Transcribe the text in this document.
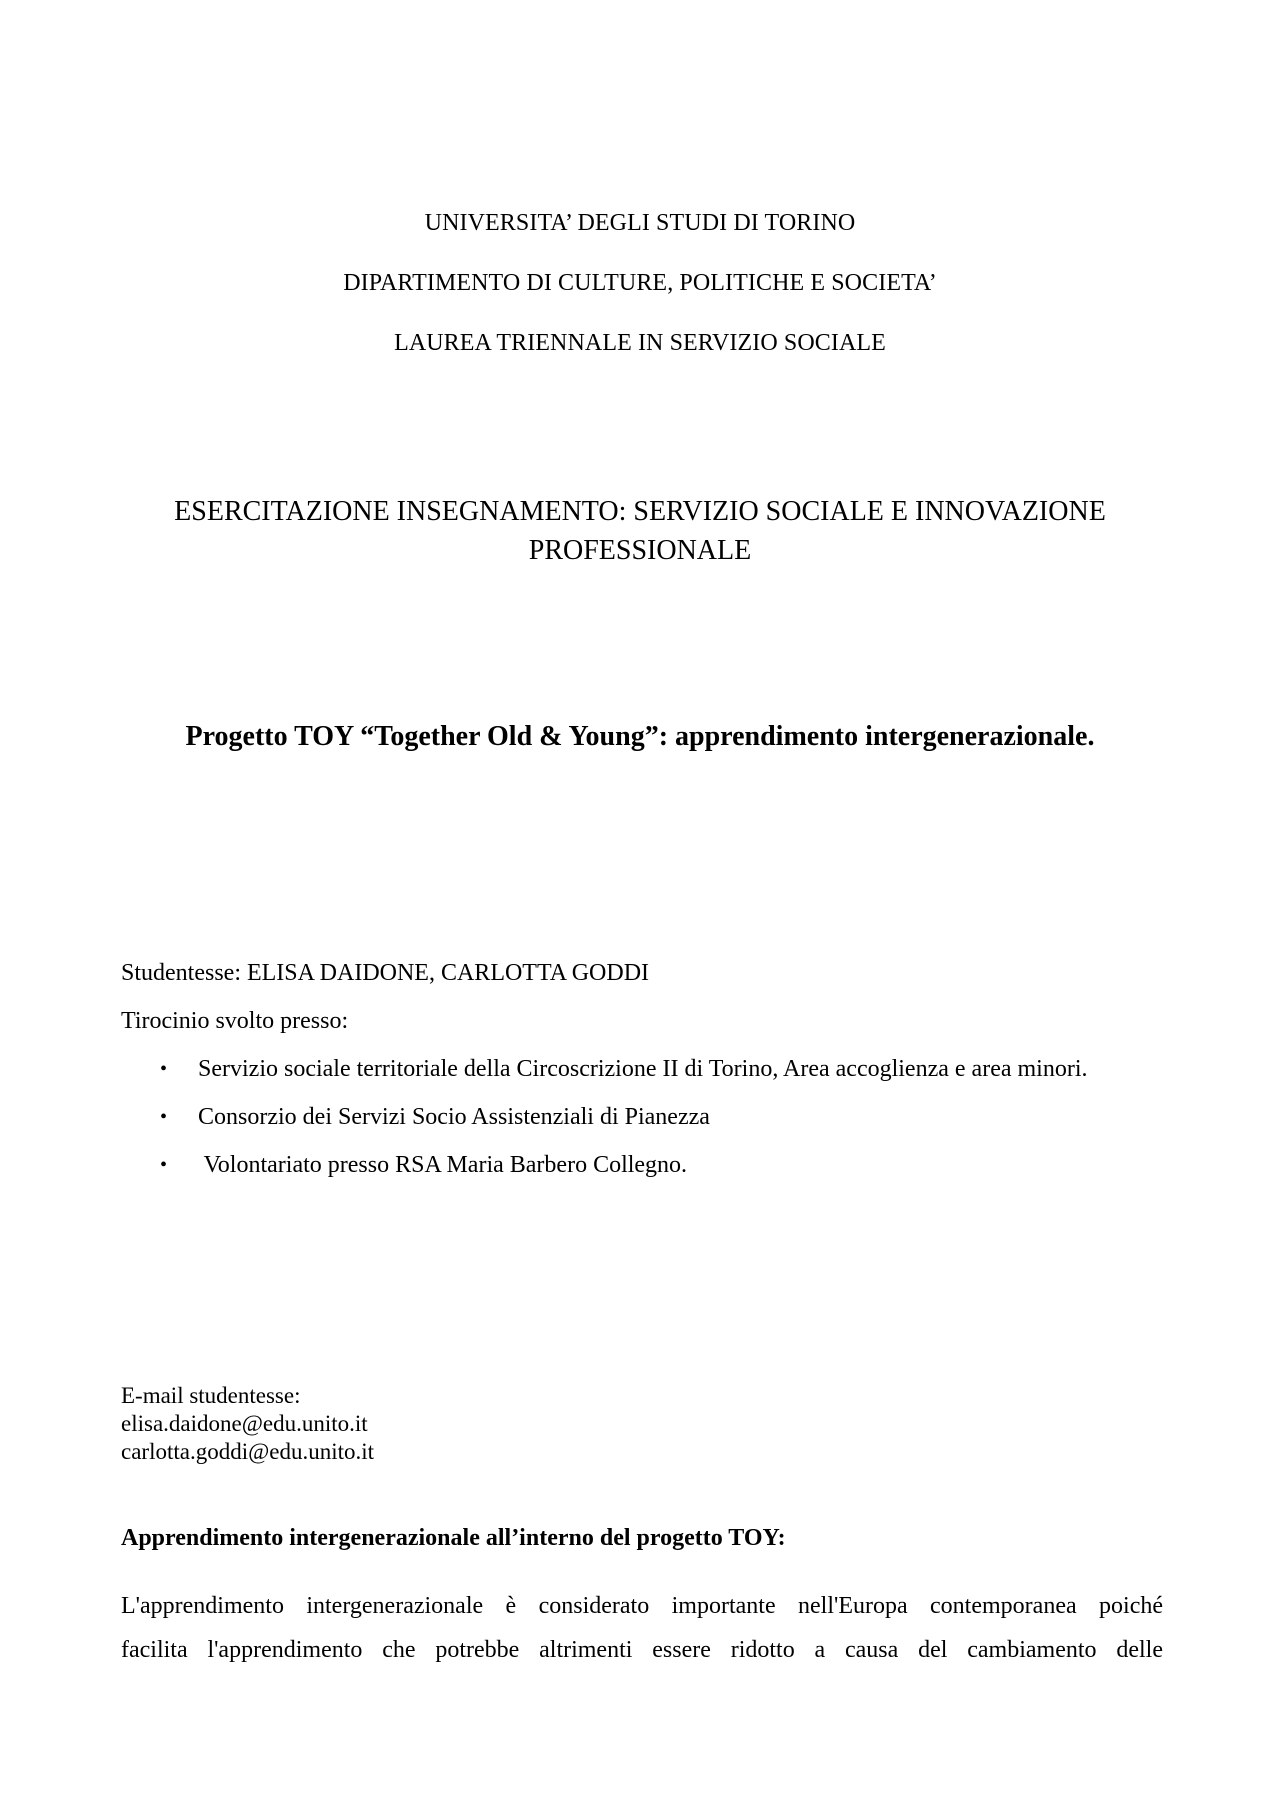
UNIVERSITA’ DEGLI STUDI DI TORINO
DIPARTIMENTO DI CULTURE, POLITICHE E SOCIETA’
LAUREA TRIENNALE IN SERVIZIO SOCIALE
ESERCITAZIONE INSEGNAMENTO: SERVIZIO SOCIALE E INNOVAZIONE
PROFESSIONALE
Progetto TOY “Together Old & Young”: apprendimento intergenerazionale.
Studentesse: ELISA DAIDONE, CARLOTTA GODDI
Tirocinio svolto presso:
• Servizio sociale territoriale della Circoscrizione II di Torino, Area accoglienza e area minori.
• Consorzio dei Servizi Socio Assistenziali di Pianezza
• Volontariato presso RSA Maria Barbero Collegno.
E-mail studentesse:
elisa.daidone@edu.unito.it
carlotta.goddi@edu.unito.it
Apprendimento intergenerazionale all’interno del progetto TOY:
L'apprendimento intergenerazionale è considerato importante nell'Europa contemporanea poiché
facilita l'apprendimento che potrebbe altrimenti essere ridotto a causa del cambiamento delle
